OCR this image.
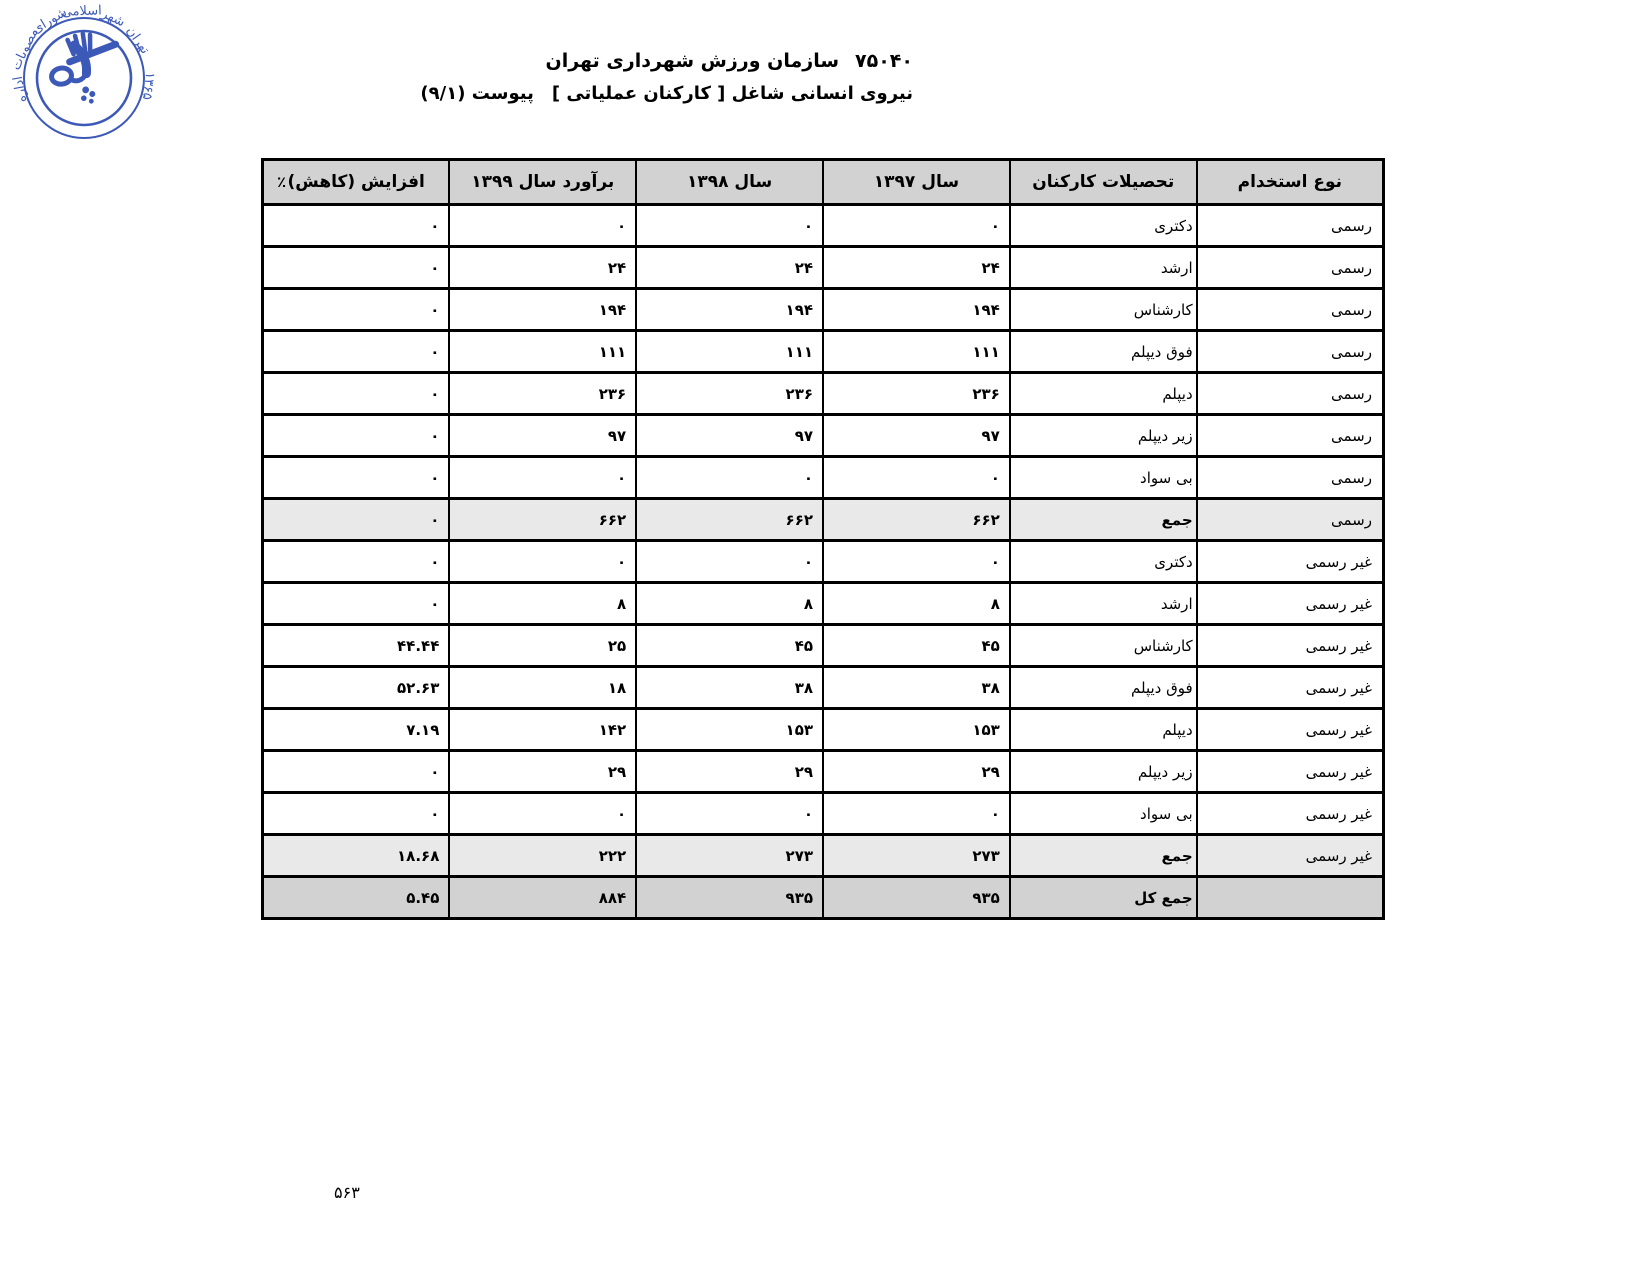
اداره
مصوبات
شورای
اسلامی
شهر
تهران
۱۳۶۵
۷۵۰۴۰
سازمان ورزش شهرداری تهران
نیروی انسانی شاغل [ کارکنان عملیاتی ]
پیوست (۹/۱)
نوع استخدام	تحصیلات کارکنان	سال ۱۳۹۷	سال ۱۳۹۸	برآورد سال ۱۳۹۹	افزایش (کاهش)
٪

رسمی	دکتری	۰	۰	۰	۰
رسمی	ارشد	۲۴	۲۴	۲۴	۰
رسمی	کارشناس	۱۹۴	۱۹۴	۱۹۴	۰
رسمی	فوق دیپلم	۱۱۱	۱۱۱	۱۱۱	۰
رسمی	دیپلم	۲۳۶	۲۳۶	۲۳۶	۰
رسمی	زیر دیپلم	۹۷	۹۷	۹۷	۰
رسمی	بی سواد	۰	۰	۰	۰
رسمی	جمع	۶۶۲	۶۶۲	۶۶۲	۰
غیر رسمی	دکتری	۰	۰	۰	۰
غیر رسمی	ارشد	۸	۸	۸	۰
غیر رسمی	کارشناس	۴۵	۴۵	۲۵	۴۴.۴۴
غیر رسمی	فوق دیپلم	۳۸	۳۸	۱۸	۵۲.۶۳
غیر رسمی	دیپلم	۱۵۳	۱۵۳	۱۴۲	۷.۱۹
غیر رسمی	زیر دیپلم	۲۹	۲۹	۲۹	۰
غیر رسمی	بی سواد	۰	۰	۰	۰
غیر رسمی	جمع	۲۷۳	۲۷۳	۲۲۲	۱۸.۶۸
	جمع کل	۹۳۵	۹۳۵	۸۸۴	۵.۴۵
۵۶۳
